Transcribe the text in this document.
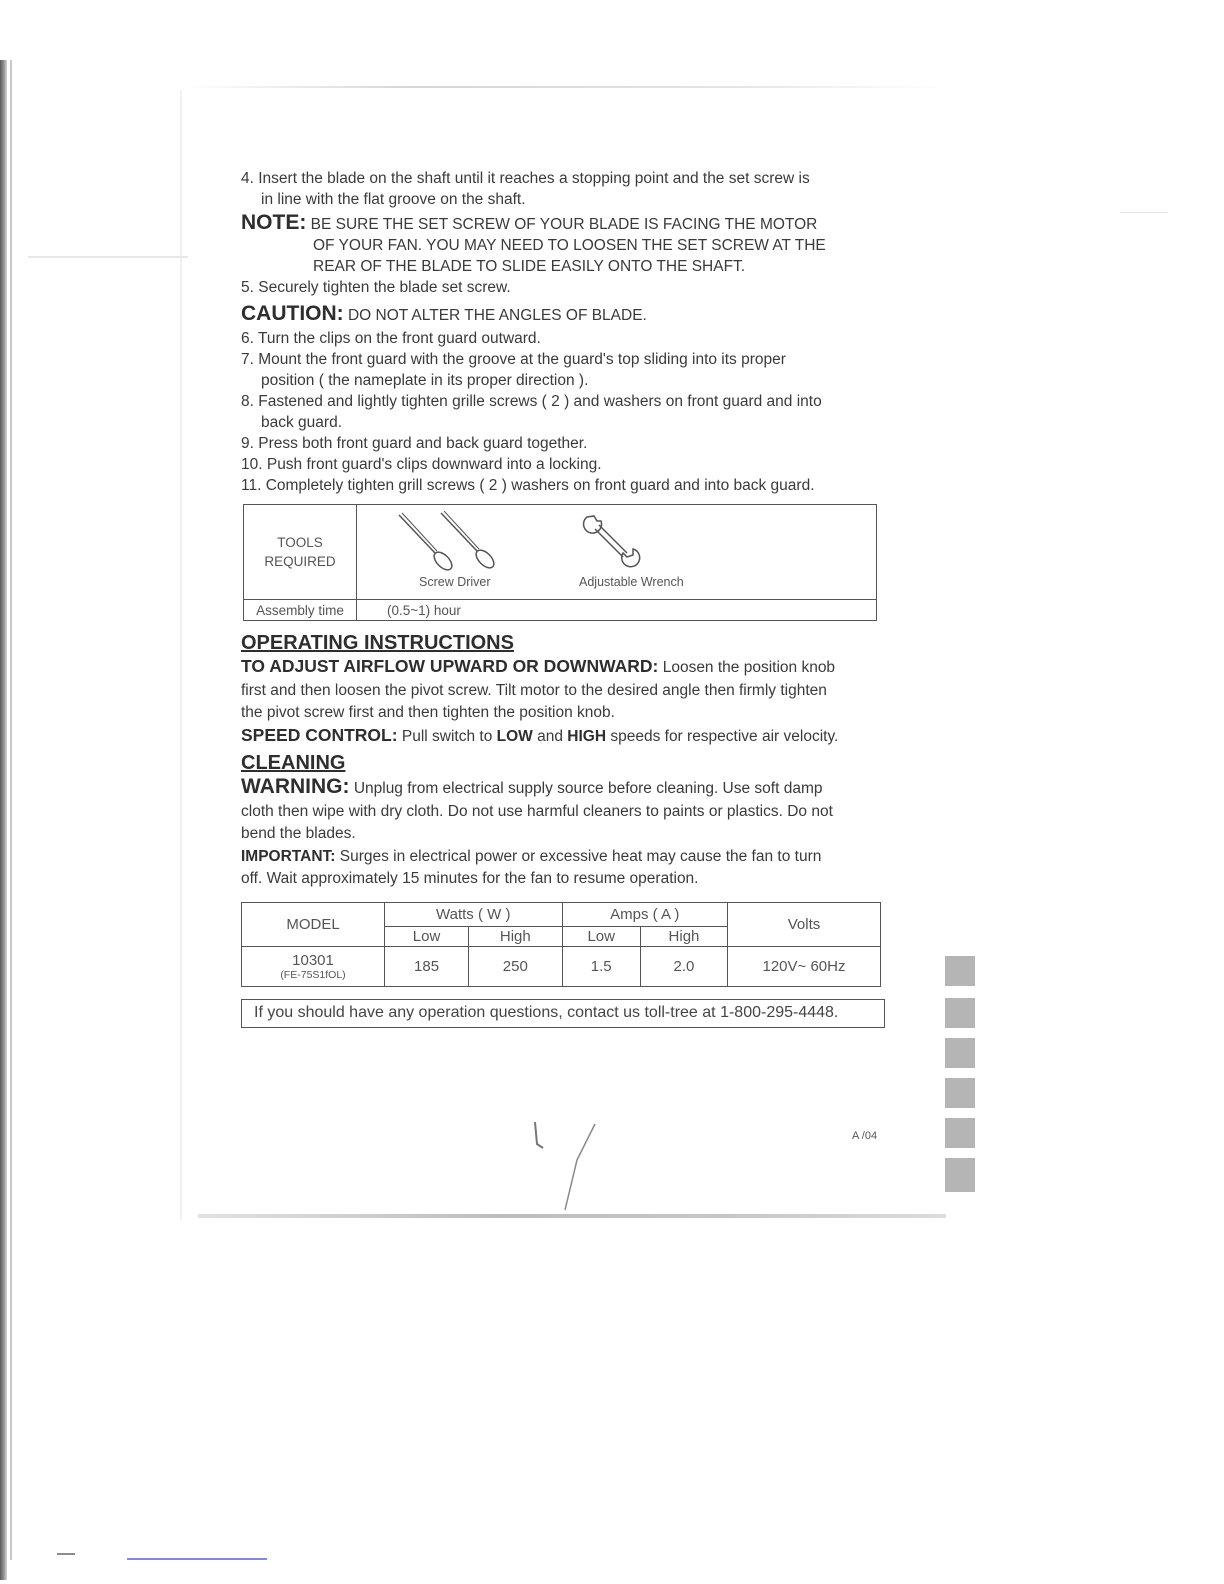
4. Insert the blade on the shaft until it reaches a stopping point and the set screw is

in line with the flat groove on the shaft.

NOTE: BE SURE THE SET SCREW OF YOUR BLADE IS FACING THE MOTOR

OF YOUR FAN. YOU MAY NEED TO LOOSEN THE SET SCREW AT THE
REAR OF THE BLADE TO SLIDE EASILY ONTO THE SHAFT.

5. Securely tighten the blade set screw.

CAUTION: DO NOT ALTER THE ANGLES OF BLADE.

6. Turn the clips on the front guard outward.

7. Mount the front guard with the groove at the guard's top sliding into its proper

position ( the nameplate in its proper direction ).

8. Fastened and lightly tighten grille screws ( 2 ) and washers on front guard and into

back guard.

9. Press both front guard and back guard together.

10. Push front guard's clips downward into a locking.

11. Completely tighten grill screws ( 2 ) washers on front guard and into back guard.

TOOLS
REQUIRED	Screw Driver Adjustable Wrench

Assembly time	(0.5~1) hour
OPERATING INSTRUCTIONS

TO ADJUST AIRFLOW UPWARD OR DOWNWARD: Loosen the position knob

first and then loosen the pivot screw. Tilt motor to the desired angle then firmly tighten

the pivot screw first and then tighten the position knob.

SPEED CONTROL: Pull switch to LOW and HIGH speeds for respective air velocity.

CLEANING

WARNING: Unplug from electrical supply source before cleaning. Use soft damp

cloth then wipe with dry cloth. Do not use harmful cleaners to paints or plastics. Do not

bend the blades.

IMPORTANT: Surges in electrical power or excessive heat may cause the fan to turn

off. Wait approximately 15 minutes for the fan to resume operation.

MODEL	Watts ( W )		Amps ( A )		Volts
	Low	High	Low	High	
10301
(FE-75S1fOL)	185	250	1.5	2.0	120V~ 60Hz
If you should have any operation questions, contact us toll-tree at 1-800-295-4448.
A /04
